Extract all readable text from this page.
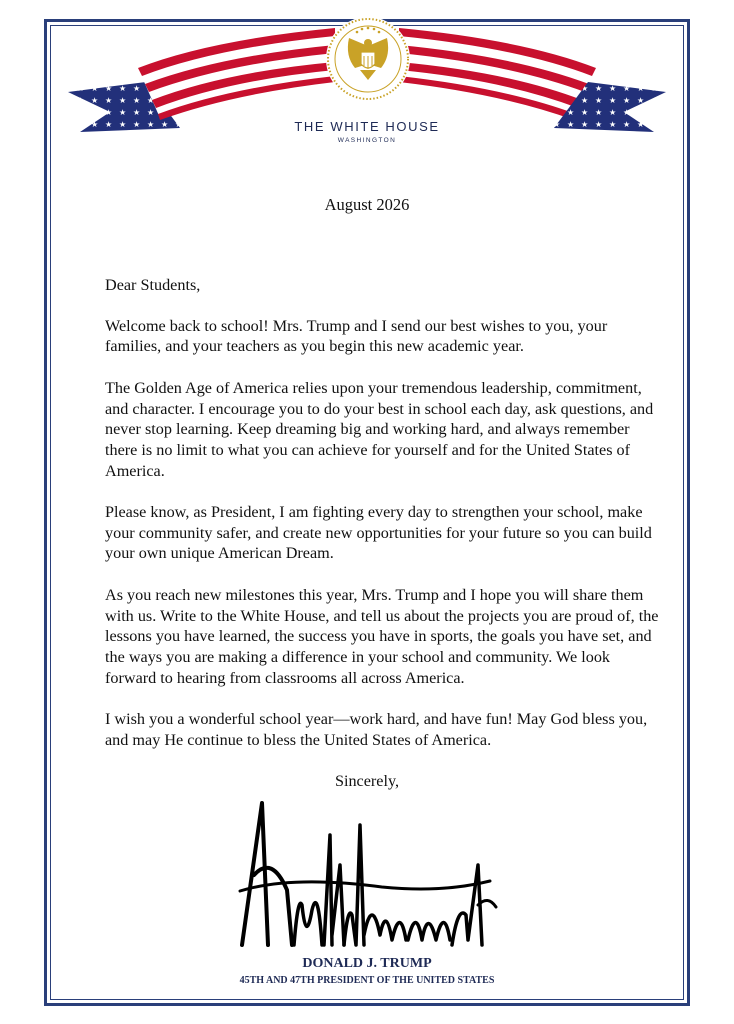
THE WHITE HOUSE
WASHINGTON
August 2026

Dear Students,

Welcome back to school! Mrs. Trump and I send our best wishes to you, your families, and your teachers as you begin this new academic year.

The Golden Age of America relies upon your tremendous leadership, commitment, and character. I encourage you to do your best in school each day, ask questions, and never stop learning. Keep dreaming big and working hard, and always remember there is no limit to what you can achieve for yourself and for the United States of America.

Please know, as President, I am fighting every day to strengthen your school, make your community safer, and create new opportunities for your future so you can build your own unique American Dream.

As you reach new milestones this year, Mrs. Trump and I hope you will share them with us. Write to the White House, and tell us about the projects you are proud of, the lessons you have learned, the success you have in sports, the goals you have set, and the ways you are making a difference in your school and community. We look forward to hearing from classrooms all across America.

I wish you a wonderful school year—work hard, and have fun! May God bless you, and may He continue to bless the United States of America.

Sincerely,
DONALD J. TRUMP
45TH AND 47TH PRESIDENT OF THE UNITED STATES
